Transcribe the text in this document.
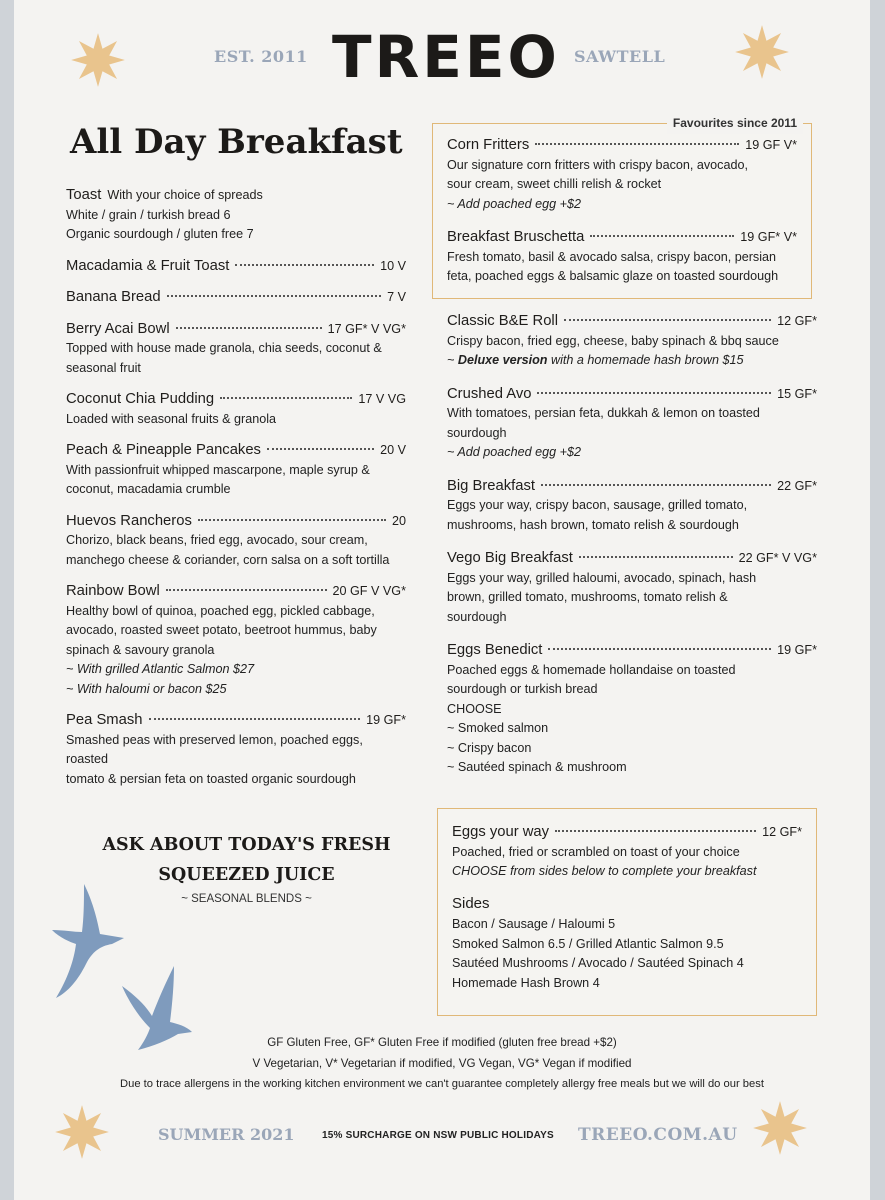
EST. 2011 TREEO SAWTELL
All Day Breakfast
Toast With your choice of spreads
White / grain / turkish bread 6
Organic sourdough / gluten free 7
Macadamia & Fruit Toast	10 V
Banana Bread	7 V
Berry Acai Bowl	17 GF* V VG*
Topped with house made granola, chia seeds, coconut &
seasonal fruit
Coconut Chia Pudding	17 V VG
Loaded with seasonal fruits & granola
Peach & Pineapple Pancakes	20 V
With passionfruit whipped mascarpone, maple syrup &
coconut, macadamia crumble
Huevos Rancheros	20
Chorizo, black beans, fried egg, avocado, sour cream,
manchego cheese & coriander, corn salsa on a soft tortilla
Rainbow Bowl	20 GF V VG*
Healthy bowl of quinoa, poached egg, pickled cabbage,
avocado, roasted sweet potato, beetroot hummus, baby
spinach & savoury granola
~ With grilled Atlantic Salmon $27
~ With haloumi or bacon $25
Pea Smash	19 GF*
Smashed peas with preserved lemon, poached eggs, roasted
tomato & persian feta on toasted organic sourdough
Favourites since 2011
Corn Fritters	19 GF V*
Our signature corn fritters with crispy bacon, avocado,
sour cream, sweet chilli relish & rocket
~ Add poached egg +$2
Breakfast Bruschetta	19 GF* V*
Fresh tomato, basil & avocado salsa, crispy bacon, persian
feta, poached eggs & balsamic glaze on toasted sourdough
Classic B&E Roll	12 GF*
Crispy bacon, fried egg, cheese, baby spinach & bbq sauce
~ Deluxe version with a homemade hash brown $15
Crushed Avo	15 GF*
With tomatoes, persian feta, dukkah & lemon on toasted
sourdough
~ Add poached egg +$2
Big Breakfast	22 GF*
Eggs your way, crispy bacon, sausage, grilled tomato,
mushrooms, hash brown, tomato relish & sourdough
Vego Big Breakfast	22 GF* V VG*
Eggs your way, grilled haloumi, avocado, spinach, hash
brown, grilled tomato, mushrooms, tomato relish &
sourdough
Eggs Benedict	19 GF*
Poached eggs & homemade hollandaise on toasted
sourdough or turkish bread
CHOOSE
~ Smoked salmon
~ Crispy bacon
~ Sautéed spinach & mushroom
Eggs your way	12 GF*
Poached, fried or scrambled on toast of your choice
CHOOSE from sides below to complete your breakfast
Sides
Bacon / Sausage / Haloumi 5
Smoked Salmon 6.5 / Grilled Atlantic Salmon 9.5
Sautéed Mushrooms / Avocado / Sautéed Spinach 4
Homemade Hash Brown 4
ASK ABOUT TODAY'S FRESH
SQUEEZED JUICE
~ SEASONAL BLENDS ~
GF Gluten Free, GF* Gluten Free if modified (gluten free bread +$2)
V Vegetarian, V* Vegetarian if modified, VG Vegan, VG* Vegan if modified
Due to trace allergens in the working kitchen environment we can't guarantee completely allergy free meals but we will do our best
SUMMER 2021	15% SURCHARGE ON NSW PUBLIC HOLIDAYS TREEO.COM.AU
